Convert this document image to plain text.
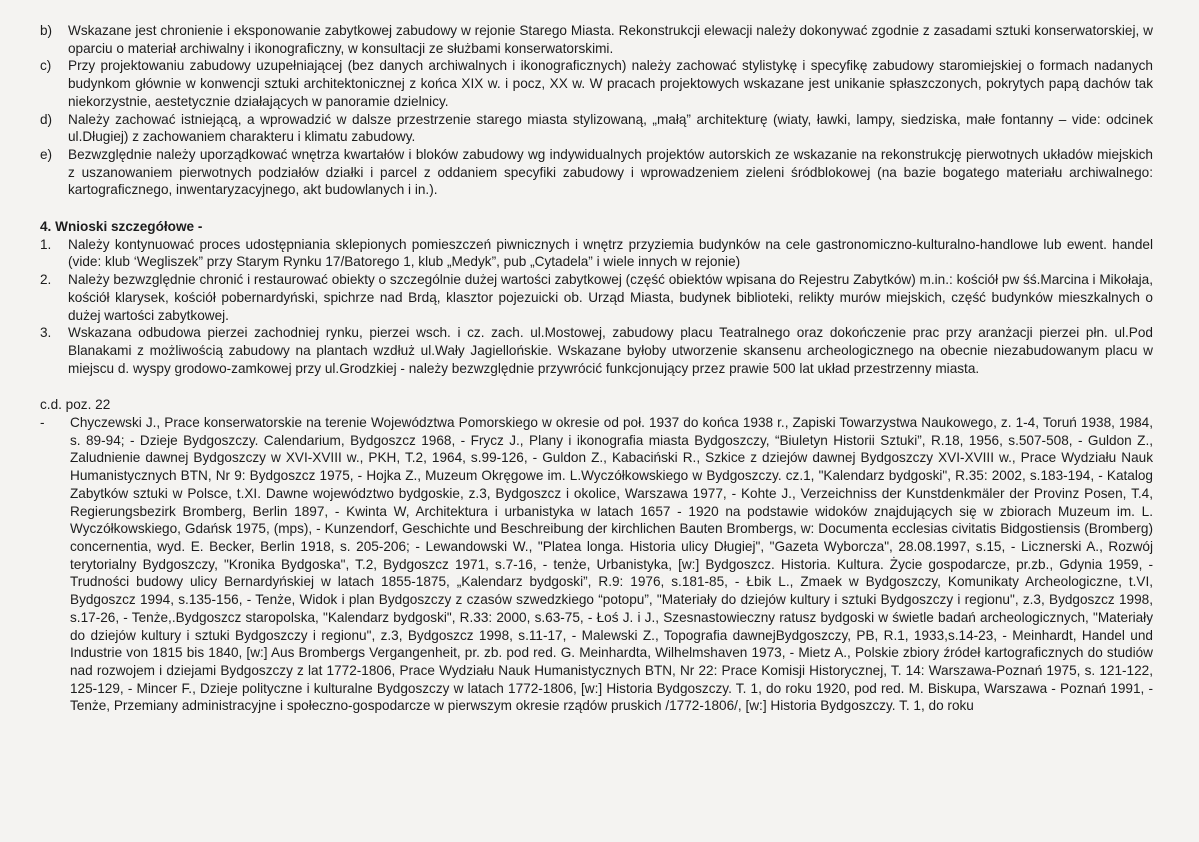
b)	Wskazane jest chronienie i eksponowanie zabytkowej zabudowy w rejonie Starego Miasta. Rekonstrukcji elewacji należy dokonywać zgodnie z zasadami sztuki konserwatorskiej, w oparciu o materiał archiwalny i ikonograficzny, w konsultacji ze służbami konserwatorskimi.
c)	Przy projektowaniu zabudowy uzupełniającej (bez danych archiwalnych i ikonograficznych) należy zachować stylistykę i specyfikę zabudowy staromiejskiej o formach nadanych budynkom głównie w konwencji sztuki architektonicznej z końca XIX w. i pocz, XX w. W pracach projektowych wskazane jest unikanie spłaszczonych, pokrytych papą dachów tak niekorzystnie, aestetycznie działających w panoramie dzielnicy.
d)	Należy zachować istniejącą, a wprowadzić w dalsze przestrzenie starego miasta stylizowaną, „małą” architekturę (wiaty, ławki, lampy, siedziska, małe fontanny – vide: odcinek ul.Długiej) z zachowaniem charakteru i klimatu zabudowy.
e)	Bezwzględnie należy uporządkować wnętrza kwartałów i bloków zabudowy wg indywidualnych projektów autorskich ze wskazanie na rekonstrukcję pierwotnych układów miejskich z uszanowaniem pierwotnych podziałów działki i parcel z oddaniem specyfiki zabudowy i wprowadzeniem zieleni śródblokowej (na bazie bogatego materiału archiwalnego: kartograficznego, inwentaryzacyjnego, akt budowlanych i in.).
4. Wnioski szczegółowe -
1.	Należy kontynuować proces udostępniania sklepionych pomieszczeń piwnicznych i wnętrz przyziemia budynków na cele gastronomiczno-kulturalno-handlowe lub ewent. handel (vide: klub ‘Wegliszek” przy Starym Rynku 17/Batorego 1, klub „Medyk”, pub „Cytadela” i wiele innych w rejonie)
2.	Należy bezwzględnie chronić i restaurować obiekty o szczególnie dużej wartości zabytkowej (część obiektów wpisana do Rejestru Zabytków) m.in.: kościół pw śś.Marcina i Mikołaja, kościół klarysek, kościół pobernardyński, spichrze nad Brdą, klasztor pojezuicki ob. Urząd Miasta, budynek biblioteki, relikty murów miejskich, część budynków mieszkalnych o dużej wartości zabytkowej.
3.	Wskazana odbudowa pierzei zachodniej rynku, pierzei wsch. i cz. zach. ul.Mostowej, zabudowy placu Teatralnego oraz dokończenie prac przy aranżacji pierzei płn. ul.Pod Blanakami z możliwością zabudowy na plantach wzdłuż ul.Wały Jagiellońskie. Wskazane byłoby utworzenie skansenu archeologicznego na obecnie niezabudowanym placu w miejscu d. wyspy grodowo-zamkowej przy ul.Grodzkiej - należy bezwzględnie przywrócić funkcjonujący przez prawie 500 lat układ przestrzenny miasta.
c.d. poz. 22
-	Chyczewski J., Prace konserwatorskie na terenie Województwa Pomorskiego w okresie od poł. 1937 do końca 1938 r., Zapiski Towarzystwa Naukowego, z. 1-4, Toruń 1938, 1984, s. 89-94; - Dzieje Bydgoszczy. Calendarium, Bydgoszcz 1968, - Frycz J., Plany i ikonografia miasta Bydgoszczy, “Biuletyn Historii Sztuki”, R.18, 1956, s.507-508, - Guldon Z., Zaludnienie dawnej Bydgoszczy w XVI-XVIII w., PKH, T.2, 1964, s.99-126, - Guldon Z., Kabaciński R., Szkice z dziejów dawnej Bydgoszczy XVI-XVIII w., Prace Wydziału Nauk Humanistycznych BTN, Nr 9: Bydgoszcz 1975, - Hojka Z., Muzeum Okręgowe im. L.Wyczółkowskiego w Bydgoszczy. cz.1, "Kalendarz bydgoski", R.35: 2002, s.183-194, - Katalog Zabytków sztuki w Polsce, t.XI. Dawne województwo bydgoskie, z.3, Bydgoszcz i okolice, Warszawa 1977, - Kohte J., Verzeichniss der Kunstdenkmäler der Provinz Posen, T.4, Regierungsbezirk Bromberg, Berlin 1897, - Kwinta W, Architektura i urbanistyka w latach 1657 - 1920 na podstawie widoków znajdujących się w zbiorach Muzeum im. L. Wyczółkowskiego, Gdańsk 1975, (mps), - Kunzendorf, Geschichte und Beschreibung der kirchlichen Bauten Brombergs, w: Documenta ecclesias civitatis Bidgostiensis (Bromberg) concernentia, wyd. E. Becker, Berlin 1918, s. 205-206; - Lewandowski W., "Platea longa. Historia ulicy Długiej", "Gazeta Wyborcza", 28.08.1997, s.15, - Licznerski A., Rozwój terytorialny Bydgoszczy, "Kronika Bydgoska", T.2, Bydgoszcz 1971, s.7-16, - tenże, Urbanistyka, [w:] Bydgoszcz. Historia. Kultura. Życie gospodarcze, pr.zb., Gdynia 1959, - Trudności budowy ulicy Bernardyńskiej w latach 1855-1875, „Kalendarz bydgoski”, R.9: 1976, s.181-85, - Łbik L., Zmaek w Bydgoszczy, Komunikaty Archeologiczne, t.VI, Bydgoszcz 1994, s.135-156, - Tenże, Widok i plan Bydgoszczy z czasów szwedzkiego “potopu”, "Materiały do dziejów kultury i sztuki Bydgoszczy i regionu", z.3, Bydgoszcz 1998, s.17-26, - Tenże,.Bydgoszcz staropolska, "Kalendarz bydgoski", R.33: 2000, s.63-75, - Łoś J. i J., Szesnastowieczny ratusz bydgoski w świetle badań archeologicznych, "Materiały do dziejów kultury i sztuki Bydgoszczy i regionu", z.3, Bydgoszcz 1998, s.11-17, - Malewski Z., Topografia dawnejBydgoszczy, PB, R.1, 1933,s.14-23, - Meinhardt, Handel und Industrie von 1815 bis 1840, [w:] Aus Brombergs Vergangenheit, pr. zb. pod red. G. Meinhardta, Wilhelmshaven 1973, - Mietz A., Polskie zbiory źródeł kartograficznych do studiów nad rozwojem i dziejami Bydgoszczy z lat 1772-1806, Prace Wydziału Nauk Humanistycznych BTN, Nr 22: Prace Komisji Historycznej, T. 14: Warszawa-Poznań 1975, s. 121-122, 125-129, - Mincer F., Dzieje polityczne i kulturalne Bydgoszczy w latach 1772-1806, [w:] Historia Bydgoszczy. T. 1, do roku 1920, pod red. M. Biskupa, Warszawa - Poznań 1991, - Tenże, Przemiany administracyjne i społeczno-gospodarcze w pierwszym okresie rządów pruskich /1772-1806/, [w:] Historia Bydgoszczy. T. 1, do roku
